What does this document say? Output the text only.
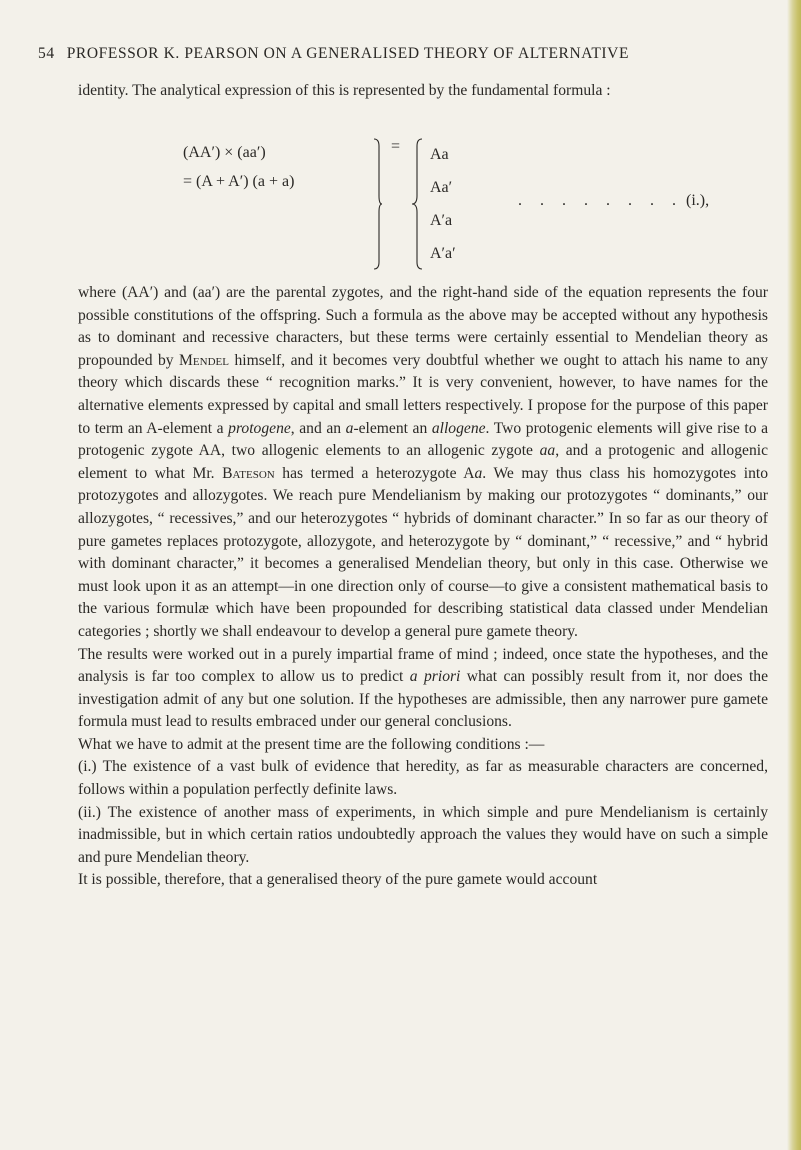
54 PROFESSOR K. PEARSON ON A GENERALISED THEORY OF ALTERNATIVE

identity. The analytical expression of this is represented by the fundamental formula :

(AA′) × (aa′)
= (A + A′) (a + a)
= Aa
Aa′
A′a
A′a′
. . . . . . . . (i.),

where (AA′) and (aa′) are the parental zygotes, and the right-hand side of the equation represents the four possible constitutions of the offspring. Such a formula as the above may be accepted without any hypothesis as to dominant and recessive characters, but these terms were certainly essential to Mendelian theory as propounded by Mendel himself, and it becomes very doubtful whether we ought to attach his name to any theory which discards these “ recognition marks.” It is very convenient, however, to have names for the alternative elements expressed by capital and small letters respectively. I propose for the purpose of this paper to term an A-element a protogene, and an a-element an allogene. Two protogenic elements will give rise to a protogenic zygote AA, two allogenic elements to an allogenic zygote aa, and a protogenic and allogenic element to what Mr. Bateson has termed a heterozygote Aa. We may thus class his homozygotes into protozygotes and allozygotes. We reach pure Mendelianism by making our protozygotes “ dominants,” our allozygotes, “ recessives,” and our heterozygotes “ hybrids of dominant character.” In so far as our theory of pure gametes replaces protozygote, allozygote, and heterozygote by “ dominant,” “ recessive,” and “ hybrid with dominant character,” it becomes a generalised Mendelian theory, but only in this case. Otherwise we must look upon it as an attempt—in one direction only of course—to give a consistent mathematical basis to the various formulæ which have been propounded for describing statistical data classed under Mendelian categories ; shortly we shall endeavour to develop a general pure gamete theory.

The results were worked out in a purely impartial frame of mind ; indeed, once state the hypotheses, and the analysis is far too complex to allow us to predict a priori what can possibly result from it, nor does the investigation admit of any but one solution. If the hypotheses are admissible, then any narrower pure gamete formula must lead to results embraced under our general conclusions.

What we have to admit at the present time are the following conditions :—

(i.) The existence of a vast bulk of evidence that heredity, as far as measurable characters are concerned, follows within a population perfectly definite laws.

(ii.) The existence of another mass of experiments, in which simple and pure Mendelianism is certainly inadmissible, but in which certain ratios undoubtedly approach the values they would have on such a simple and pure Mendelian theory.

It is possible, therefore, that a generalised theory of the pure gamete would account
